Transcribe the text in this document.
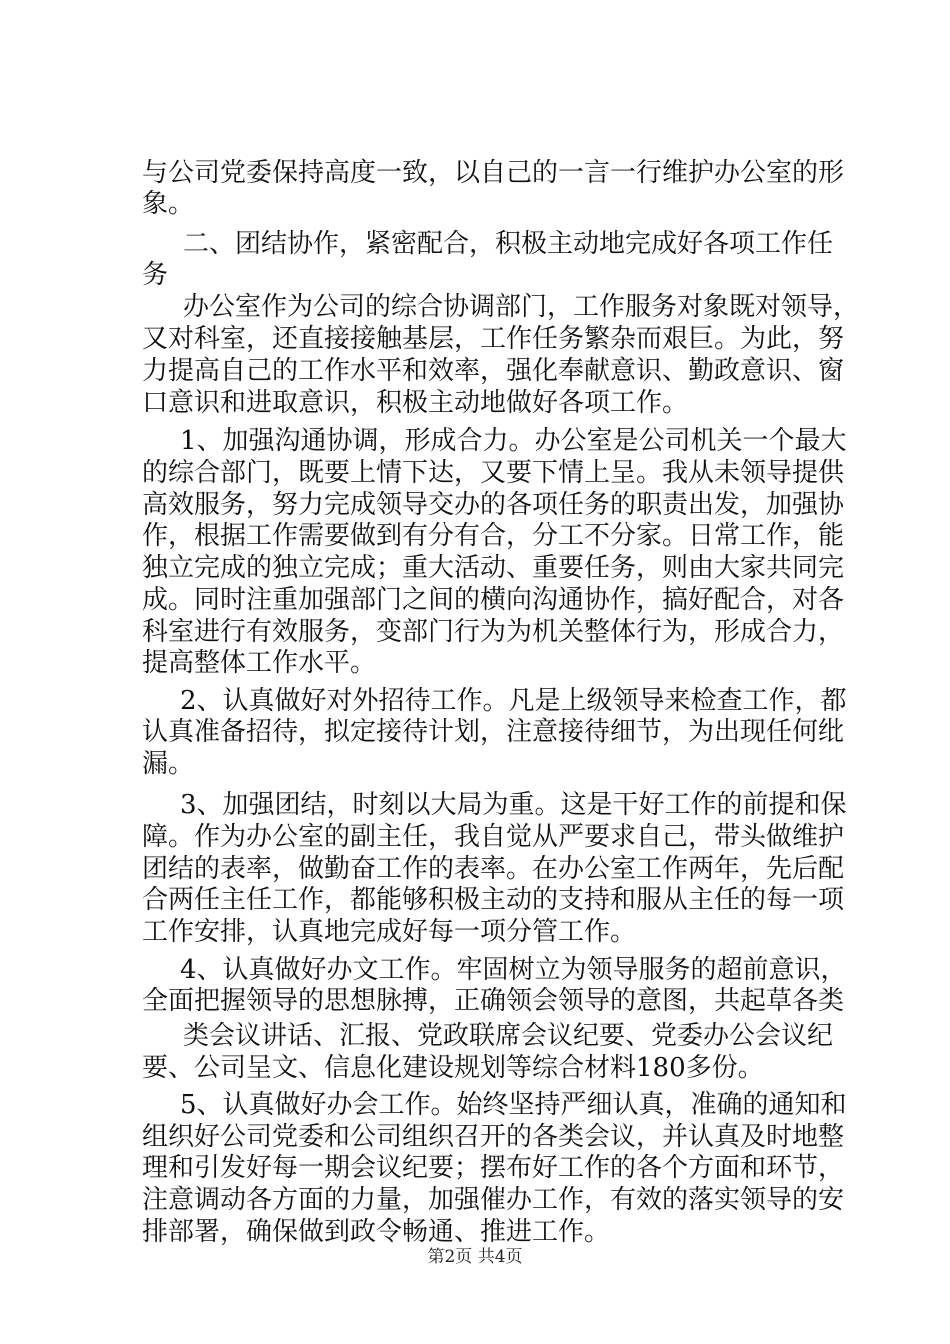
与公司党委保持高度一致，以自己的一言一行维护办公室的形
象。
二、团结协作，紧密配合，积极主动地完成好各项工作任
务
办公室作为公司的综合协调部门，工作服务对象既对领导，
又对科室，还直接接触基层，工作任务繁杂而艰巨。为此，努
力提高自己的工作水平和效率，强化奉献意识、勤政意识、窗
口意识和进取意识，积极主动地做好各项工作。
1、加强沟通协调，形成合力。办公室是公司机关一个最大
的综合部门，既要上情下达，又要下情上呈。我从未领导提供
高效服务，努力完成领导交办的各项任务的职责出发，加强协
作，根据工作需要做到有分有合，分工不分家。日常工作，能
独立完成的独立完成；重大活动、重要任务，则由大家共同完
成。同时注重加强部门之间的横向沟通协作，搞好配合，对各
科室进行有效服务，变部门行为为机关整体行为，形成合力，
提高整体工作水平。
2、认真做好对外招待工作。凡是上级领导来检查工作，都
认真准备招待，拟定接待计划，注意接待细节，为出现任何纰
漏。
3、加强团结，时刻以大局为重。这是干好工作的前提和保
障。作为办公室的副主任，我自觉从严要求自己，带头做维护
团结的表率，做勤奋工作的表率。在办公室工作两年，先后配
合两任主任工作，都能够积极主动的支持和服从主任的每一项
工作安排，认真地完成好每一项分管工作。
4、认真做好办文工作。牢固树立为领导服务的超前意识，
全面把握领导的思想脉搏，正确领会领导的意图，共起草各类
类会议讲话、汇报、党政联席会议纪要、党委办公会议纪
要、公司呈文、信息化建设规划等综合材料180多份。
5、认真做好办会工作。始终坚持严细认真，准确的通知和
组织好公司党委和公司组织召开的各类会议，并认真及时地整
理和引发好每一期会议纪要；摆布好工作的各个方面和环节，
注意调动各方面的力量，加强催办工作，有效的落实领导的安
排部署，确保做到政令畅通、推进工作。
第2页 共4页
